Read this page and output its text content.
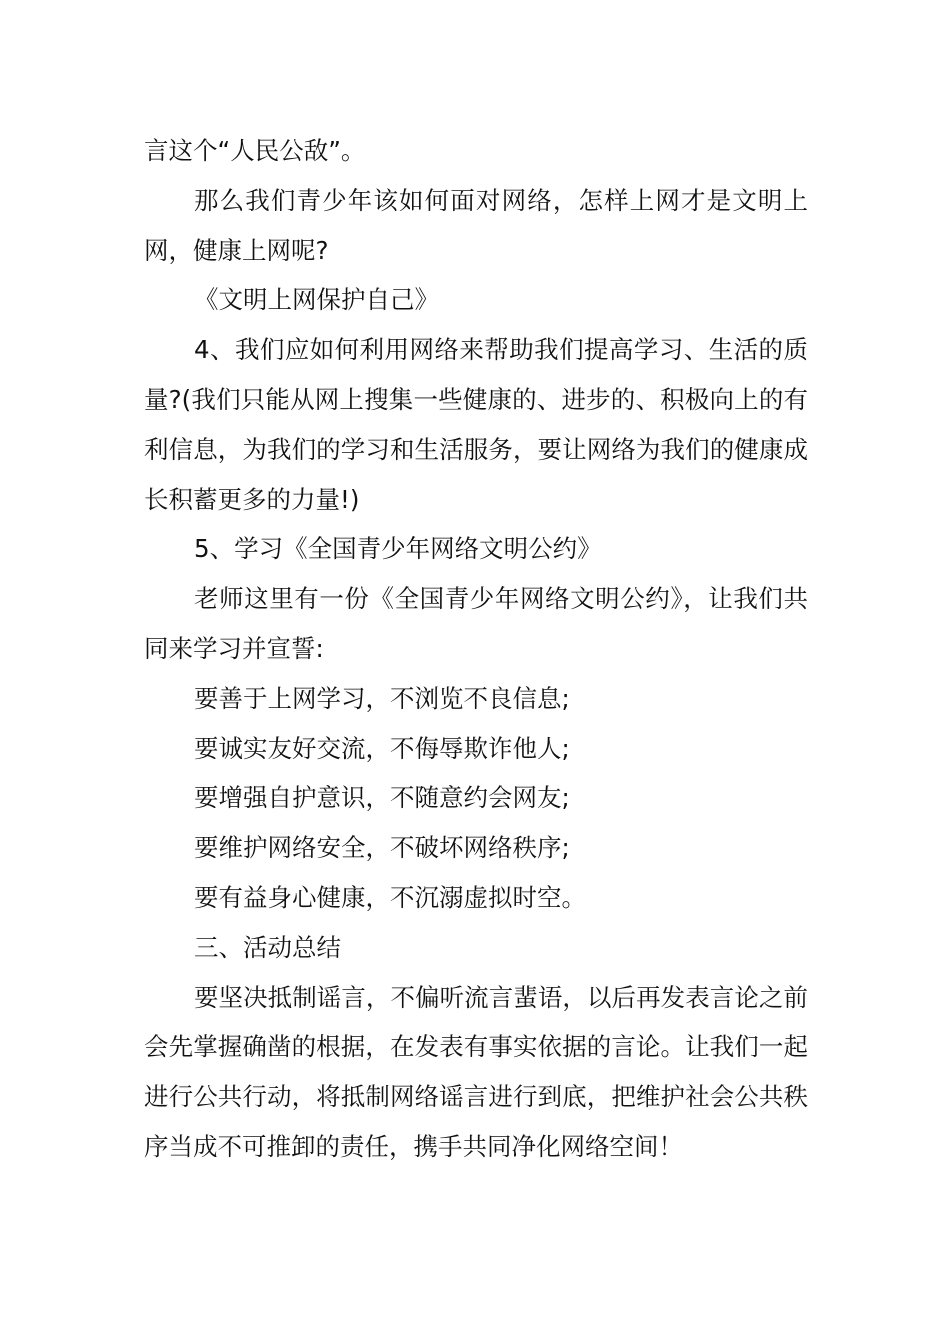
言这个“人民公敌”。

那么我们青少年该如何面对网络，怎样上网才是文明上网，健康上网呢?

《文明上网保护自己》

4、我们应如何利用网络来帮助我们提高学习、生活的质量?(我们只能从网上搜集一些健康的、进步的、积极向上的有利信息，为我们的学习和生活服务，要让网络为我们的健康成长积蓄更多的力量!)

5、学习《全国青少年网络文明公约》

老师这里有一份《全国青少年网络文明公约》，让我们共同来学习并宣誓:

要善于上网学习，不浏览不良信息;

要诚实友好交流，不侮辱欺诈他人;

要增强自护意识，不随意约会网友;

要维护网络安全，不破坏网络秩序;

要有益身心健康，不沉溺虚拟时空。

三、活动总结

要坚决抵制谣言，不偏听流言蜚语，以后再发表言论之前会先掌握确凿的根据，在发表有事实依据的言论。让我们一起进行公共行动，将抵制网络谣言进行到底，把维护社会公共秩序当成不可推卸的责任，携手共同净化网络空间！
